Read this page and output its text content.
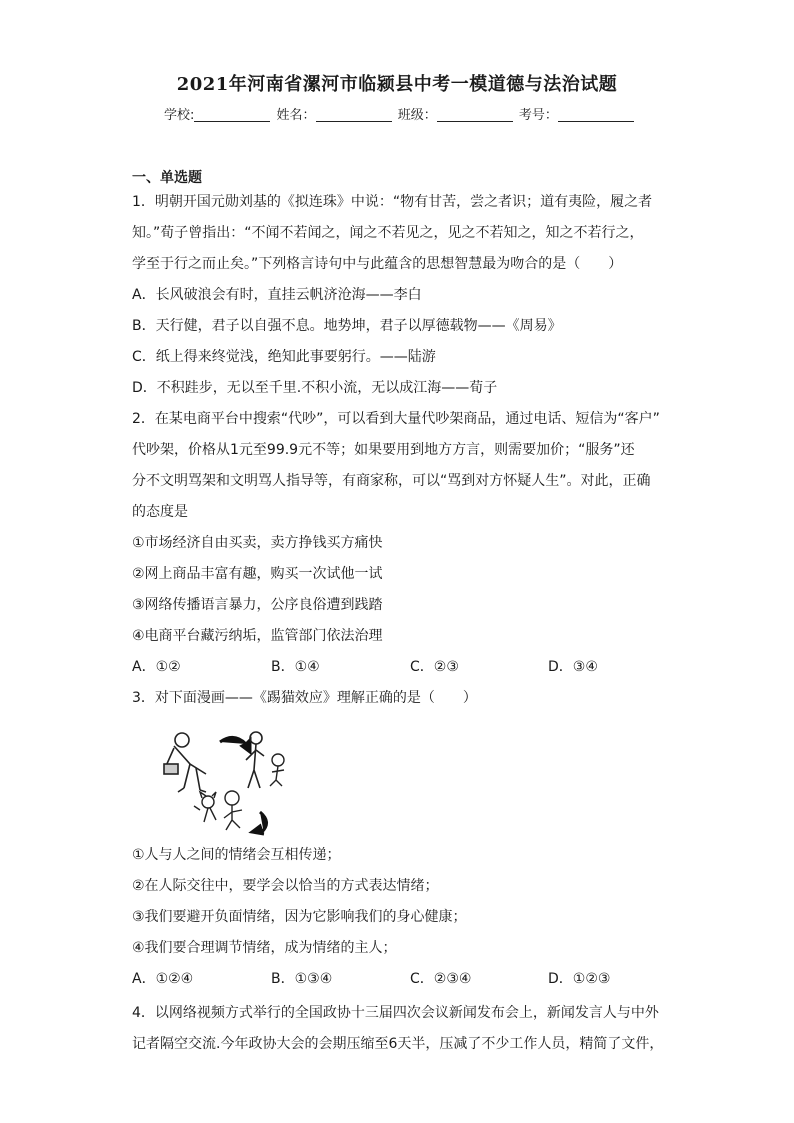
2021年河南省漯河市临颍县中考一模道德与法治试题
学校:	姓名：	班级：	考号：
一、单选题
1．明朝开国元勋刘基的《拟连珠》中说：“物有甘苦，尝之者识；道有夷险，履之者
知。”荀子曾指出：“不闻不若闻之，闻之不若见之，见之不若知之，知之不若行之，
学至于行之而止矣。”下列格言诗句中与此蕴含的思想智慧最为吻合的是（　　）
A．长风破浪会有时，直挂云帆济沧海——李白
B．天行健，君子以自强不息。地势坤，君子以厚德载物——《周易》
C．纸上得来终觉浅，绝知此事要躬行。——陆游
D．不积跬步，无以至千里.不积小流，无以成江海——荀子
2．在某电商平台中搜索“代吵”，可以看到大量代吵架商品，通过电话、短信为“客户”
代吵架，价格从1元至99.9元不等；如果要用到地方方言，则需要加价；“服务”还
分不文明骂架和文明骂人指导等，有商家称，可以“骂到对方怀疑人生”。对此，正确
的态度是
①市场经济自由买卖，卖方挣钱买方痛快
②网上商品丰富有趣，购买一次试他一试
③网络传播语言暴力，公序良俗遭到践踏
④电商平台藏污纳垢，监管部门依法治理
A．①②	B．①④	C．②③	D．③④
3．对下面漫画——《踢猫效应》理解正确的是（　　）
①人与人之间的情绪会互相传递；
②在人际交往中，要学会以恰当的方式表达情绪；
③我们要避开负面情绪，因为它影响我们的身心健康；
④我们要合理调节情绪，成为情绪的主人；
A．①②④	B．①③④	C．②③④	D．①②③
4．以网络视频方式举行的全国政协十三届四次会议新闻发布会上，新闻发言人与中外
记者隔空交流.今年政协大会的会期压缩至6天半，压减了不少工作人员，精简了文件，
